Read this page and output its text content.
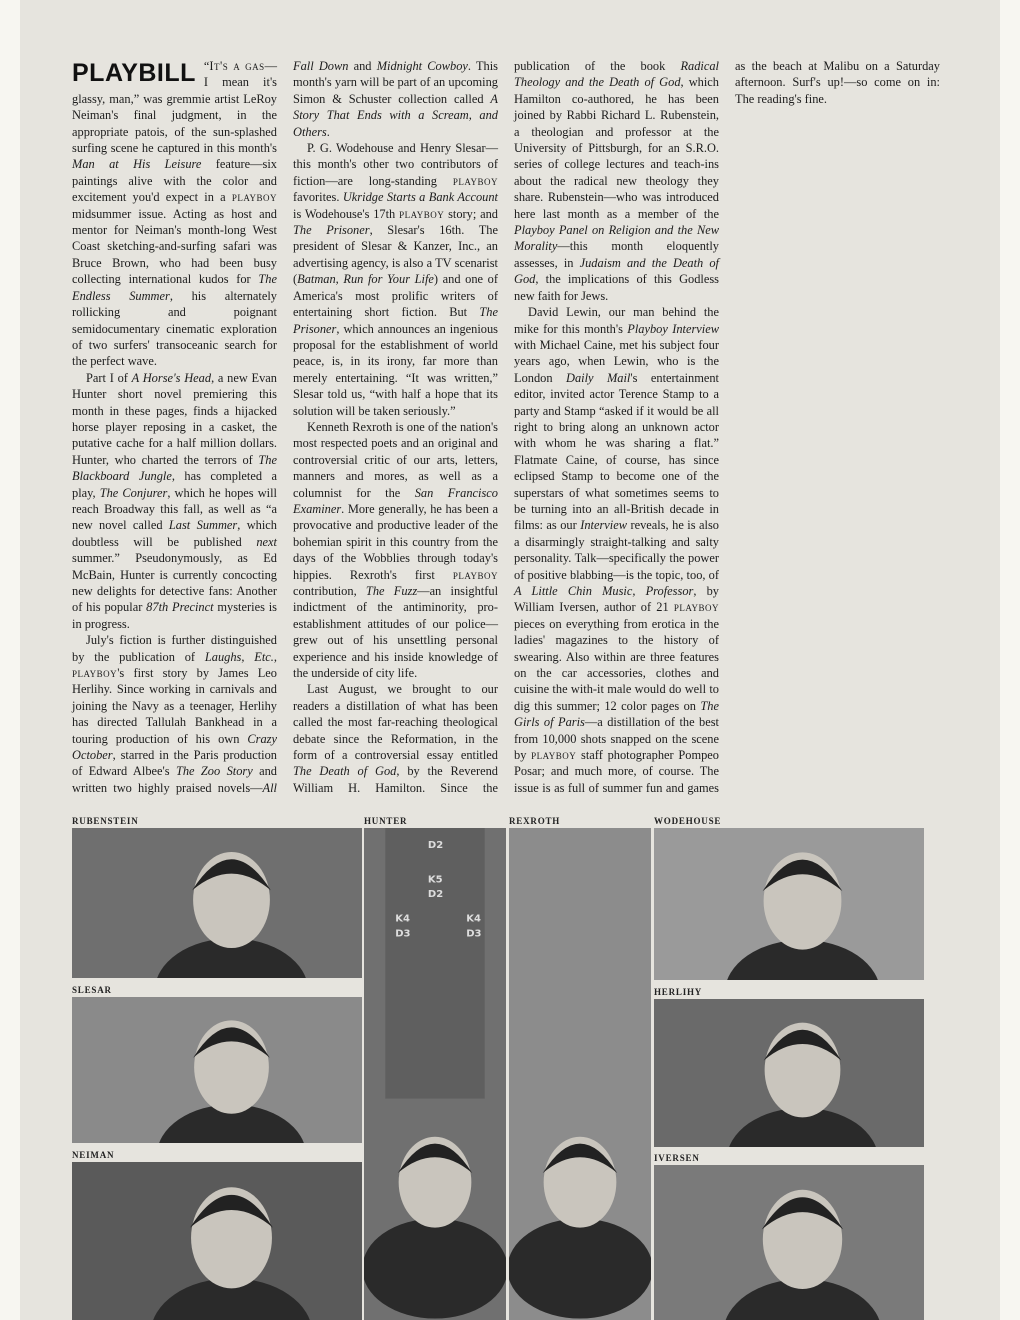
PLAYBILL “It's a gas—I mean it's glassy, man,” was gremmie artist LeRoy Neiman's final judgment, in the appropriate patois, of the sun-splashed surfing scene he captured in this month's Man at His Leisure feature—six paintings alive with the color and excitement you'd expect in a playboy midsummer issue. Acting as host and mentor for Neiman's month-long West Coast sketching-and-surfing safari was Bruce Brown, who had been busy collecting international kudos for The Endless Summer, his alternately rollicking and poignant semidocumentary cinematic exploration of two surfers' transoceanic search for the perfect wave.

Part I of A Horse's Head, a new Evan Hunter short novel premiering this month in these pages, finds a hijacked horse player reposing in a casket, the putative cache for a half million dollars. Hunter, who charted the terrors of The Blackboard Jungle, has completed a play, The Conjurer, which he hopes will reach Broadway this fall, as well as “a new novel called Last Summer, which doubtless will be published next summer.” Pseudonymously, as Ed McBain, Hunter is currently concocting new delights for detective fans: Another of his popular 87th Precinct mysteries is in progress.

July's fiction is further distinguished by the publication of Laughs, Etc., playboy's first story by James Leo Herlihy. Since working in carnivals and joining the Navy as a teenager, Herlihy has directed Tallulah Bankhead in a touring production of his own Crazy October, starred in the Paris production of Edward Albee's The Zoo Story and written two highly praised novels—All Fall Down and Midnight Cowboy. This month's yarn will be part of an upcoming Simon & Schuster collection called A Story That Ends with a Scream, and Others.

P. G. Wodehouse and Henry Slesar—this month's other two contributors of fiction—are long-standing playboy favorites. Ukridge Starts a Bank Account is Wodehouse's 17th playboy story; and The Prisoner, Slesar's 16th. The president of Slesar & Kanzer, Inc., an advertising agency, is also a TV scenarist (Batman, Run for Your Life) and one of America's most prolific writers of entertaining short fiction. But The Prisoner, which announces an ingenious proposal for the establishment of world peace, is, in its irony, far more than merely entertaining. “It was written,” Slesar told us, “with half a hope that its solution will be taken seriously.”

Kenneth Rexroth is one of the nation's most respected poets and an original and controversial critic of our arts, letters, manners and mores, as well as a columnist for the San Francisco Examiner. More generally, he has been a provocative and productive leader of the bohemian spirit in this country from the days of the Wobblies through today's hippies. Rexroth's first playboy contribution, The Fuzz—an insightful indictment of the antiminority, pro-establishment attitudes of our police—grew out of his unsettling personal experience and his inside knowledge of the underside of city life.

Last August, we brought to our readers a distillation of what has been called the most far-reaching theological debate since the Reformation, in the form of a controversial essay entitled The Death of God, by the Reverend William H. Hamilton. Since the publication of the book Radical Theology and the Death of God, which Hamilton co-authored, he has been joined by Rabbi Richard L. Rubenstein, a theologian and professor at the University of Pittsburgh, for an S.R.O. series of college lectures and teach-ins about the radical new theology they share. Rubenstein—who was introduced here last month as a member of the Playboy Panel on Religion and the New Morality—this month eloquently assesses, in Judaism and the Death of God, the implications of this Godless new faith for Jews.

David Lewin, our man behind the mike for this month's Playboy Interview with Michael Caine, met his subject four years ago, when Lewin, who is the London Daily Mail's entertainment editor, invited actor Terence Stamp to a party and Stamp “asked if it would be all right to bring along an unknown actor with whom he was sharing a flat.” Flatmate Caine, of course, has since eclipsed Stamp to become one of the superstars of what sometimes seems to be turning into an all-British decade in films: as our Interview reveals, he is also a disarmingly straight-talking and salty personality. Talk—specifically the power of positive blabbing—is the topic, too, of A Little Chin Music, Professor, by William Iversen, author of 21 playboy pieces on everything from erotica in the ladies' magazines to the history of swearing. Also within are three features on the car accessories, clothes and cuisine the with-it male would do well to dig this summer; 12 color pages on The Girls of Paris—a distillation of the best from 10,000 shots snapped on the scene by playboy staff photographer Pompeo Posar; and much more, of course. The issue is as full of summer fun and games as the beach at Malibu on a Saturday afternoon. Surf's up!—so come on in: The reading's fine.

RUBENSTEIN
SLESAR
NEIMAN
HUNTER
D2
K5
D2
K4
D3
K4
D3
REXROTH	WODEHOUSE
HERLIHY
IVERSEN
